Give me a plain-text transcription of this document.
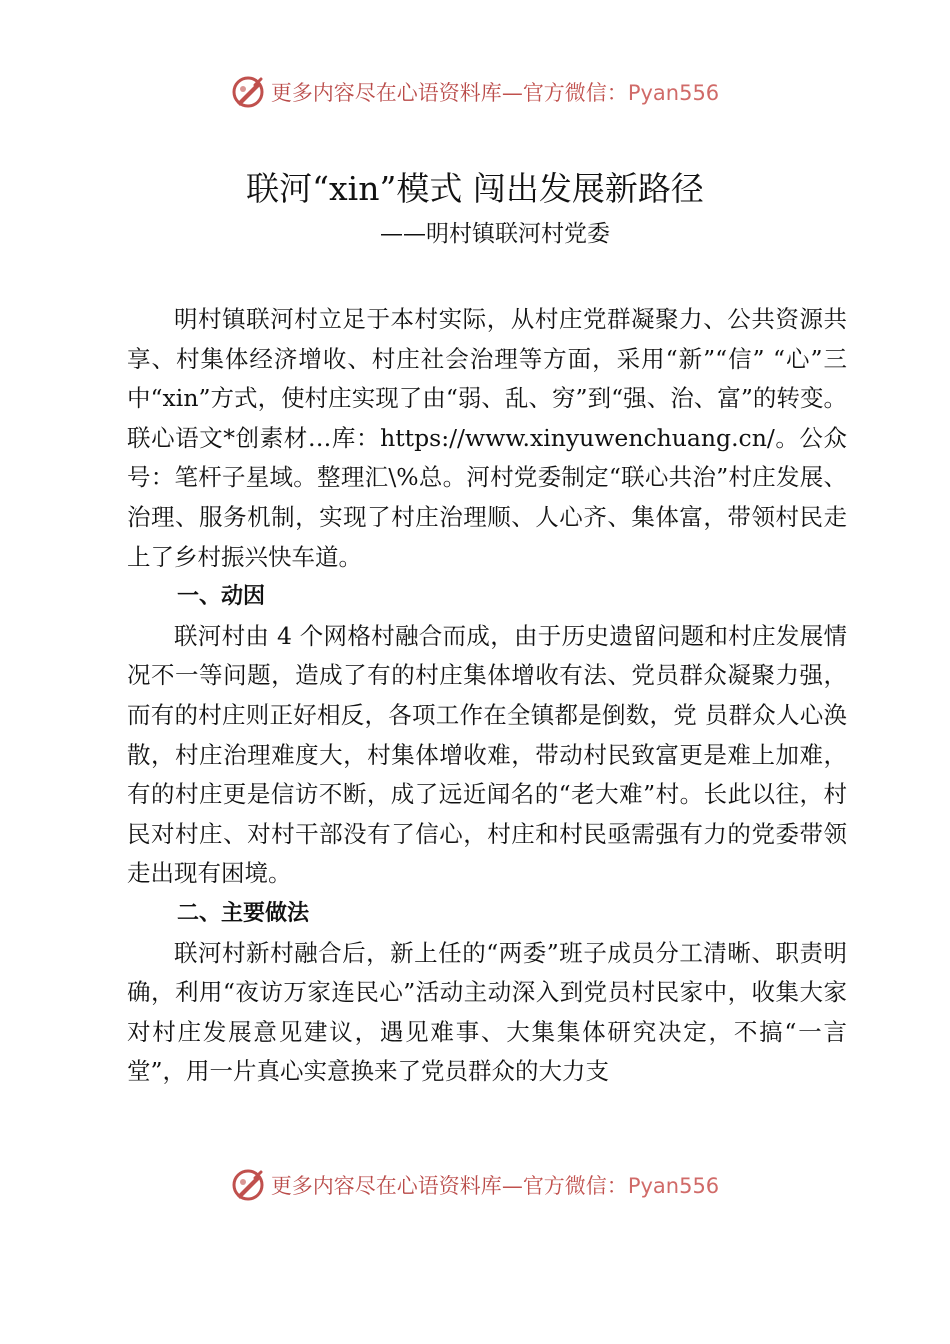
更多内容尽在心语资料库—官方微信：Pyan556
联河“xin”模式 闯出发展新路径
——明村镇联河村党委

明村镇联河村立足于本村实际，从村庄党群凝聚力、公共资源共享、村集体经济增收、村庄社会治理等方面，采用“新”“信” “心”三中“xin”方式，使村庄实现了由“弱、乱、穷”到“强、治、富”的转变。联心语文*创素材…库：https://www.xinyuwenchuang.cn/。公众号：笔杆子星域。整理汇\%总。河村党委制定“联心共治”村庄发展、治理、服务机制，实现了村庄治理顺、人心齐、集体富，带领村民走上了乡村振兴快车道。

一、动因

联河村由 4 个网格村融合而成，由于历史遗留问题和村庄发展情况不一等问题，造成了有的村庄集体增收有法、党员群众凝聚力强，而有的村庄则正好相反，各项工作在全镇都是倒数，党 员群众人心涣散，村庄治理难度大，村集体增收难，带动村民致富更是难上加难，有的村庄更是信访不断，成了远近闻名的“老大难”村。长此以往，村民对村庄、对村干部没有了信心，村庄和村民亟需强有力的党委带领走出现有困境。

二、主要做法

联河村新村融合后，新上任的“两委”班子成员分工清晰、职责明确，利用“夜访万家连民心”活动主动深入到党员村民家中，收集大家对村庄发展意见建议，遇见难事、大集集体研究决定，不搞“一言堂”，用一片真心实意换来了党员群众的大力支

更多内容尽在心语资料库—官方微信：Pyan556
